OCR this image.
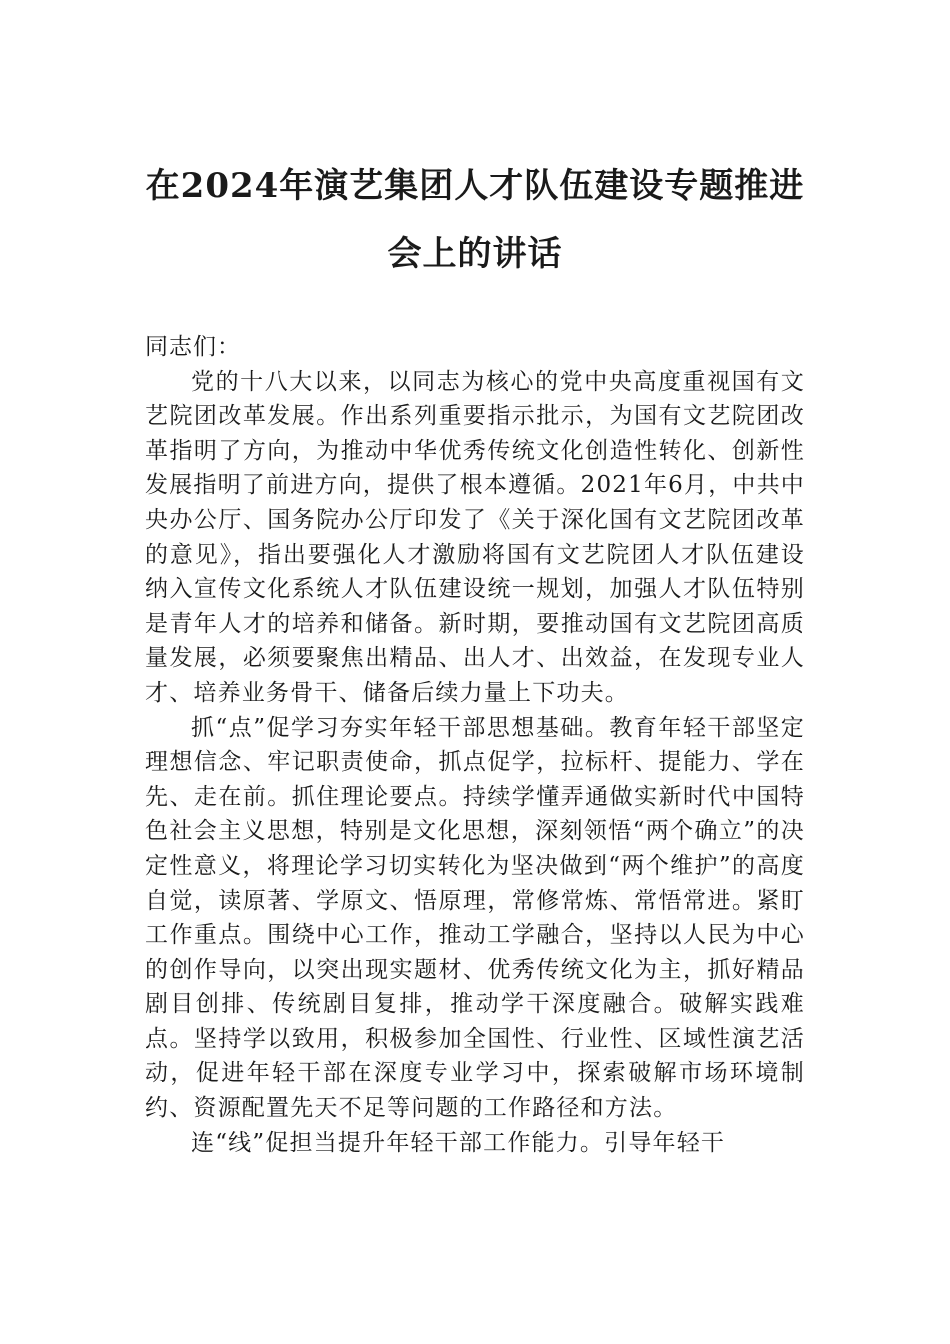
在2024年演艺集团人才队伍建设专题推进
会上的讲话

同志们：

党的十八大以来，以同志为核心的党中央高度重视国有文艺院团改革发展。作出系列重要指示批示，为国有文艺院团改革指明了方向，为推动中华优秀传统文化创造性转化、创新性发展指明了前进方向，提供了根本遵循。2021年6月，中共中央办公厅、国务院办公厅印发了《关于深化国有文艺院团改革的意见》，指出要强化人才激励将国有文艺院团人才队伍建设纳入宣传文化系统人才队伍建设统一规划，加强人才队伍特别是青年人才的培养和储备。新时期，要推动国有文艺院团高质量发展，必须要聚焦出精品、出人才、出效益，在发现专业人才、培养业务骨干、储备后续力量上下功夫。

抓“点”促学习夯实年轻干部思想基础。教育年轻干部坚定理想信念、牢记职责使命，抓点促学，拉标杆、提能力、学在先、走在前。抓住理论要点。持续学懂弄通做实新时代中国特色社会主义思想，特别是文化思想，深刻领悟“两个确立”的决定性意义，将理论学习切实转化为坚决做到“两个维护”的高度自觉，读原著、学原文、悟原理，常修常炼、常悟常进。紧盯工作重点。围绕中心工作，推动工学融合，坚持以人民为中心的创作导向，以突出现实题材、优秀传统文化为主，抓好精品剧目创排、传统剧目复排，推动学干深度融合。破解实践难点。坚持学以致用，积极参加全国性、行业性、区域性演艺活动，促进年轻干部在深度专业学习中，探索破解市场环境制约、资源配置先天不足等问题的工作路径和方法。

连“线”促担当提升年轻干部工作能力。引导年轻干
